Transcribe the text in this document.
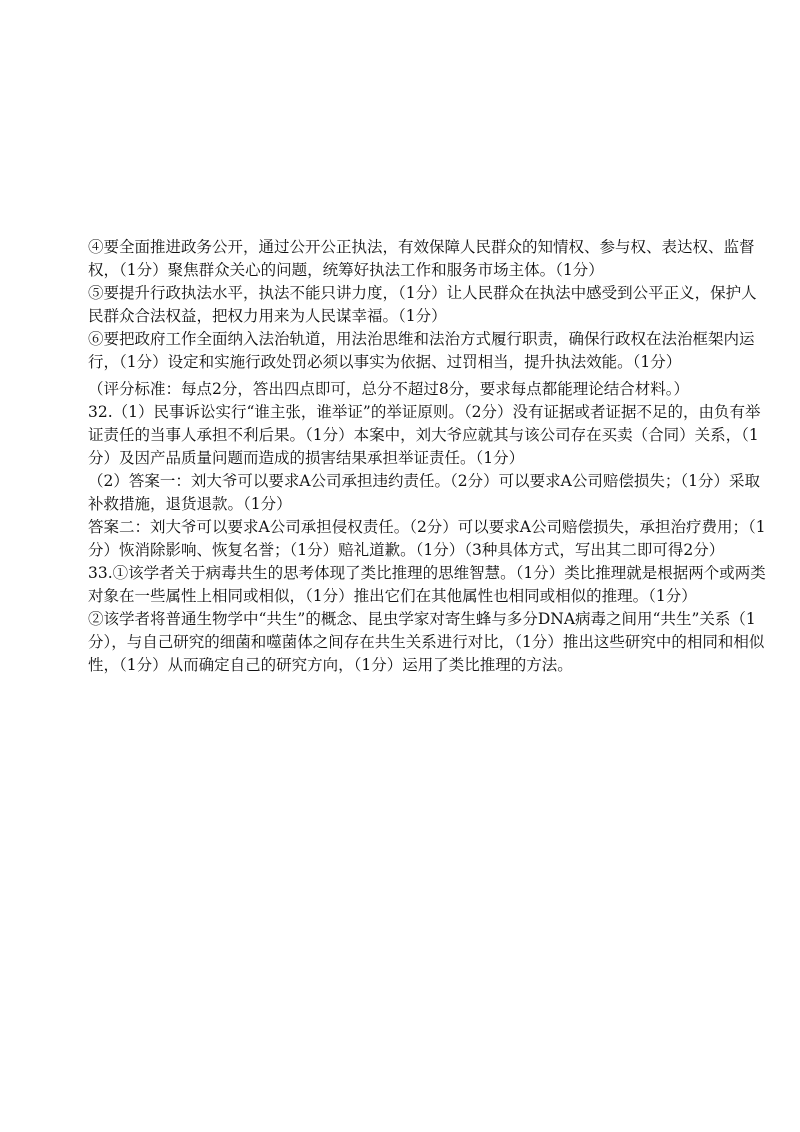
④要全面推进政务公开，通过公开公正执法，有效保障人民群众的知情权、参与权、表达权、监督权，（1分）聚焦群众关心的问题，统筹好执法工作和服务市场主体。（1分）

⑤要提升行政执法水平，执法不能只讲力度，（1分）让人民群众在执法中感受到公平正义，保护人民群众合法权益，把权力用来为人民谋幸福。（1分）

⑥要把政府工作全面纳入法治轨道，用法治思维和法治方式履行职责，确保行政权在法治框架内运行，（1分）设定和实施行政处罚必须以事实为依据、过罚相当，提升执法效能。（1分）

（评分标准：每点2分，答出四点即可，总分不超过8分，要求每点都能理论结合材料。）

32.（1）民事诉讼实行“谁主张，谁举证”的举证原则。（2分）没有证据或者证据不足的，由负有举证责任的当事人承担不利后果。（1分）本案中，刘大爷应就其与该公司存在买卖（合同）关系，（1分）及因产品质量问题而造成的损害结果承担举证责任。（1分）

（2）答案一：刘大爷可以要求A公司承担违约责任。（2分）可以要求A公司赔偿损失；（1分）采取补救措施，退货退款。（1分）

答案二：刘大爷可以要求A公司承担侵权责任。（2分）可以要求A公司赔偿损失，承担治疗费用；（1分）恢消除影响、恢复名誉；（1分）赔礼道歉。（1分）（3种具体方式，写出其二即可得2分）

33.①该学者关于病毒共生的思考体现了类比推理的思维智慧。（1分）类比推理就是根据两个或两类对象在一些属性上相同或相似，（1分）推出它们在其他属性也相同或相似的推理。（1分）

②该学者将普通生物学中“共生”的概念、昆虫学家对寄生蜂与多分DNA病毒之间用“共生”关系（1分），与自己研究的细菌和噬菌体之间存在共生关系进行对比，（1分）推出这些研究中的相同和相似性，（1分）从而确定自己的研究方向，（1分）运用了类比推理的方法。
